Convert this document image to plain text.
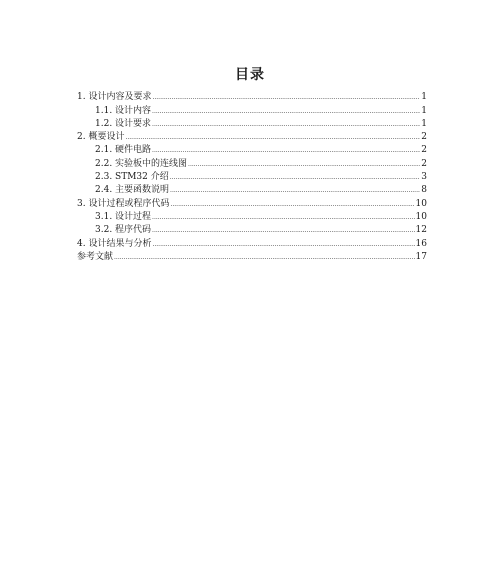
目录
1. 设计内容及要求 .....	1
1.1. 设计内容 .....	1
1.2. 设计要求 .....	1
2. 概要设计 .....	2
2.1. 硬件电路 .....	2
2.2. 实验板中的连线图 .....	2
2.3. STM32 介绍 .....	3
2.4. 主要函数说明 .....	8
3. 设计过程或程序代码 .....	10
3.1. 设计过程 .....	10
3.2. 程序代码 .....	12
4. 设计结果与分析 .....	16
参考文献 .....	17
